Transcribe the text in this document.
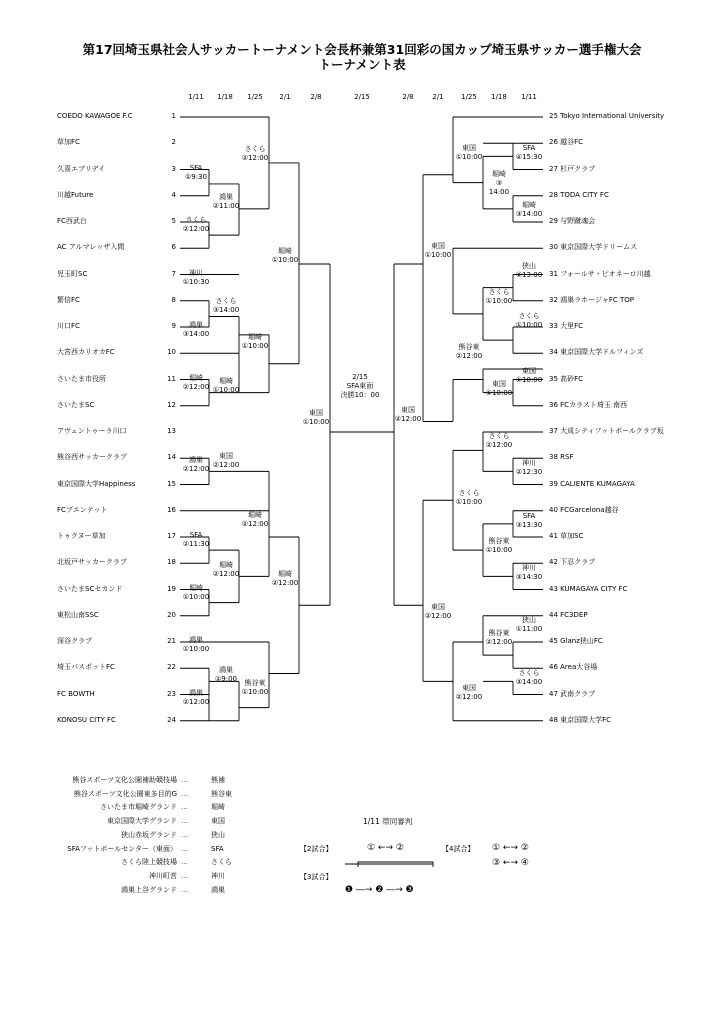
第17回埼玉県社会人サッカートーナメント会長杯兼第31回彩の国カップ埼玉県サッカー選手権大会
トーナメント表
1/11	1/18	1/25	2/1	2/8	2/15	2/8	2/1	1/25	1/18	1/11
COEDO KAWAGOE F.C	1
草加FC	2
久喜エブリデイ	3
川越Future	4
FC西武台	5
AC アルマレッザ入間	6
児玉町SC	7
繁信FC	8
川口FC	9
大宮西カリオカFC	10
さいたま市役所	11
さいたまSC	12
アヴェントゥーラ川口	13
熊谷西サッカークラブ	14
東京国際大学Happiness	15
FCブエンテット	16
トゥクヌー草加	17
北坂戸サッカークラブ	18
さいたまSCセカンド	19
東松山南SSC	20
深谷クラブ	21
埼玉パスポットFC	22
FC BOWTH	23
KONOSU CITY FC	24
25 Tokyo International University
26 越谷FC
27 杉戸クラブ
28 TODA CITY FC
29 与野蹴魂会
30 東京国際大学ドリームス
31 フォールサ・ピオネーロ川越
32 鴻巣ラホージャFC TOP
33 大里FC
34 東京国際大学ドルフィンズ
35 高砂FC
36 FCカラスト埼玉 南西
37 大成シティフットボールクラブ坂
38 RSF
39 CALIENTE KUMAGAYA
40 FCGarcelona越谷
41 草加SC
42 下忍クラブ
43 KUMAGAYA CITY FC
44 FC3DEP
45 Glanz狭山FC
46 Area大谷場
47 武南クラブ
48 東京国際大学FC
SFA
①9:30
さくら
②12:00
神川
①10:30
鴻巣
③14:00
堀崎
②12:00
東国
②12:00
SFA
②11:30
堀崎
①10:00
鴻巣
①10:00
鴻巣
②12:00
鴻巣
②11:00
さくら
③14:00
堀崎
①10:00
鴻巣
②12:00
堀崎
②12:00
鴻巣
①9:00
さくら
②12:00
堀崎
①10:00
堀崎
②12:00
熊谷東
①10:00
堀崎
①10:00
堀崎
②12:00
東国
①10:00
SFA
④15:30
堀崎
③14:00
狭山
②13:00
さくら
①10:00
東国
①10:00
神川
②12:30
SFA
③13:30
神川
③14:30
狭山
①11:00
さくら
③14:00
東国
①10:00
堀崎
③
14:00
さくら
①10:00
東国
①10:00
さくら
②12:00
熊谷東
①10:00
熊谷東
②12:00
熊谷東
②12:00
さくら
①10:00
東国
②12:00
東国
①10:00
東国
②12:00
東国
②12:00
2/15
SFA東面
決勝10：00
熊谷スポーツ文化公園補助競技場 …	熊補
熊谷スポーツ文化公園東多目的G …	熊谷東
さいたま市堀崎グランド …	堀崎
東京国際大学グランド …	東国
狭山赤坂グランド …	狭山
SFAフットボールセンター（東面） …	SFA
さくら陸上競技場 …	さくら
神川町営 …	神川
鴻巣上谷グランド …	鴻巣
1/11 帯同審判
【2試合】	① ←→ ②	【4試合】 ① ←→ ②
③ ←→ ④
【3試合】
❶ ―→ ❷ ―→ ❸
